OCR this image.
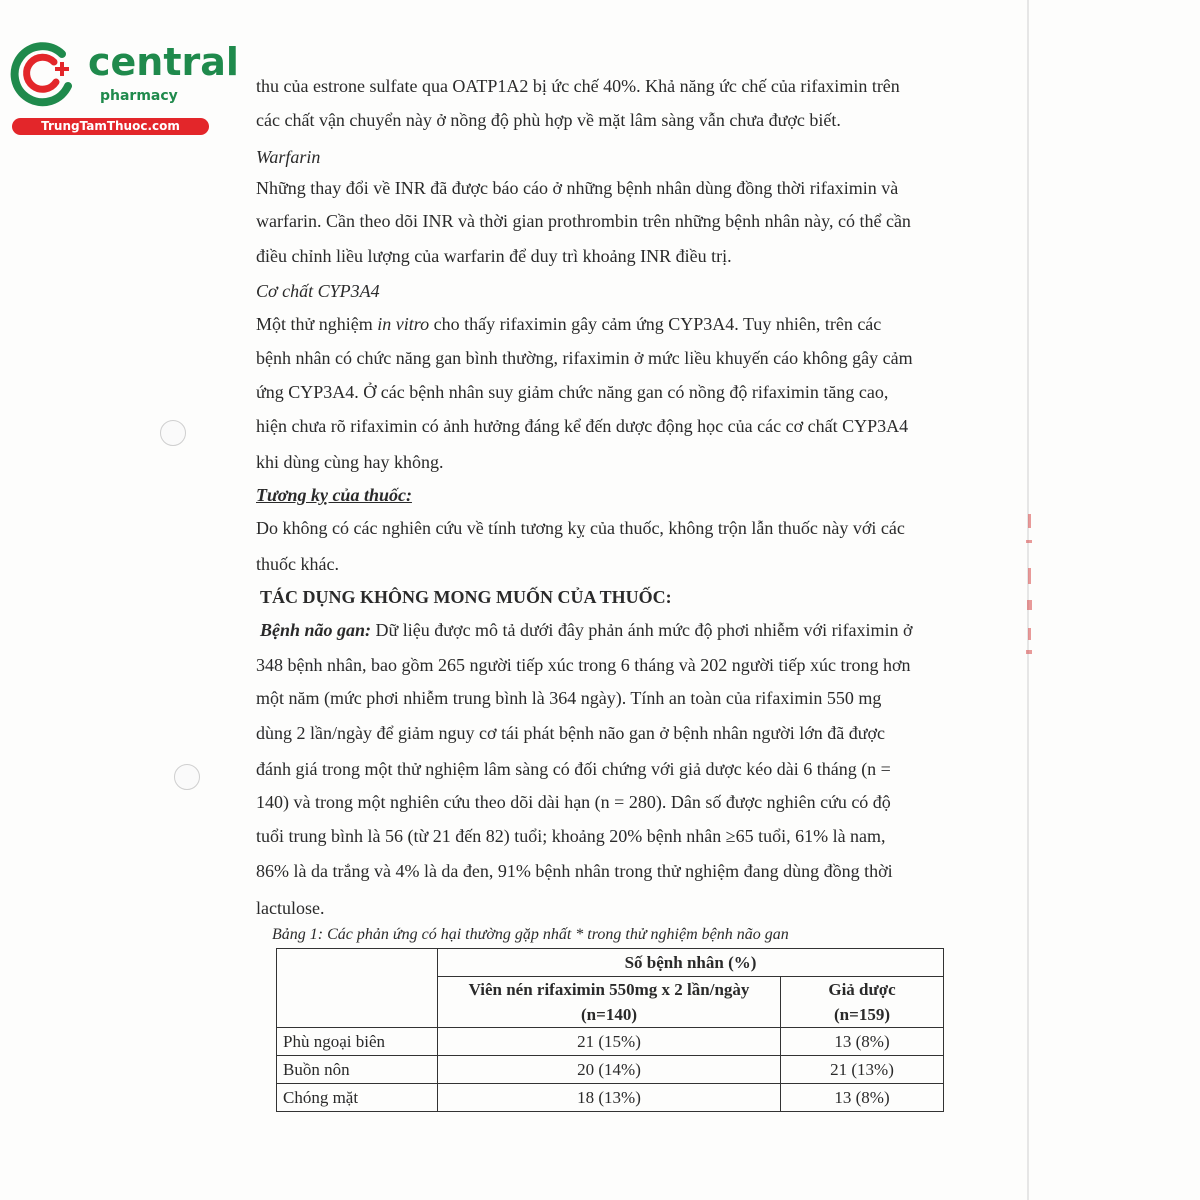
central
pharmacy
TrungTamThuoc.com
thu của estrone sulfate qua OATP1A2 bị ức chế 40%. Khả năng ức chế của rifaximin trên
các chất vận chuyển này ở nồng độ phù hợp về mặt lâm sàng vẫn chưa được biết.
Warfarin
Những thay đổi về INR đã được báo cáo ở những bệnh nhân dùng đồng thời rifaximin và
warfarin. Cần theo dõi INR và thời gian prothrombin trên những bệnh nhân này, có thể cần
điều chỉnh liều lượng của warfarin để duy trì khoảng INR điều trị.
Cơ chất CYP3A4
Một thử nghiệm in vitro cho thấy rifaximin gây cảm ứng CYP3A4. Tuy nhiên, trên các
bệnh nhân có chức năng gan bình thường, rifaximin ở mức liều khuyến cáo không gây cảm
ứng CYP3A4. Ở các bệnh nhân suy giảm chức năng gan có nồng độ rifaximin tăng cao,
hiện chưa rõ rifaximin có ảnh hưởng đáng kể đến dược động học của các cơ chất CYP3A4
khi dùng cùng hay không.
Tương kỵ của thuốc:
Do không có các nghiên cứu về tính tương kỵ của thuốc, không trộn lẫn thuốc này với các
thuốc khác.
TÁC DỤNG KHÔNG MONG MUỐN CỦA THUỐC:
Bệnh não gan: Dữ liệu được mô tả dưới đây phản ánh mức độ phơi nhiễm với rifaximin ở
348 bệnh nhân, bao gồm 265 người tiếp xúc trong 6 tháng và 202 người tiếp xúc trong hơn
một năm (mức phơi nhiễm trung bình là 364 ngày). Tính an toàn của rifaximin 550 mg
dùng 2 lần/ngày để giảm nguy cơ tái phát bệnh não gan ở bệnh nhân người lớn đã được
đánh giá trong một thử nghiệm lâm sàng có đối chứng với giả dược kéo dài 6 tháng (n =
140) và trong một nghiên cứu theo dõi dài hạn (n = 280). Dân số được nghiên cứu có độ
tuổi trung bình là 56 (từ 21 đến 82) tuổi; khoảng 20% bệnh nhân ≥65 tuổi, 61% là nam,
86% là da trắng và 4% là da đen, 91% bệnh nhân trong thử nghiệm đang dùng đồng thời
lactulose.
Bảng 1: Các phản ứng có hại thường gặp nhất * trong thử nghiệm bệnh não gan
	Số bệnh nhân (%)	
	Viên nén rifaximin 550mg x 2 lần/ngày
(n=140)	Giả dược
(n=159)
Phù ngoại biên	21 (15%)	13 (8%)
Buồn nôn	20 (14%)	21 (13%)
Chóng mặt	18 (13%)	13 (8%)
